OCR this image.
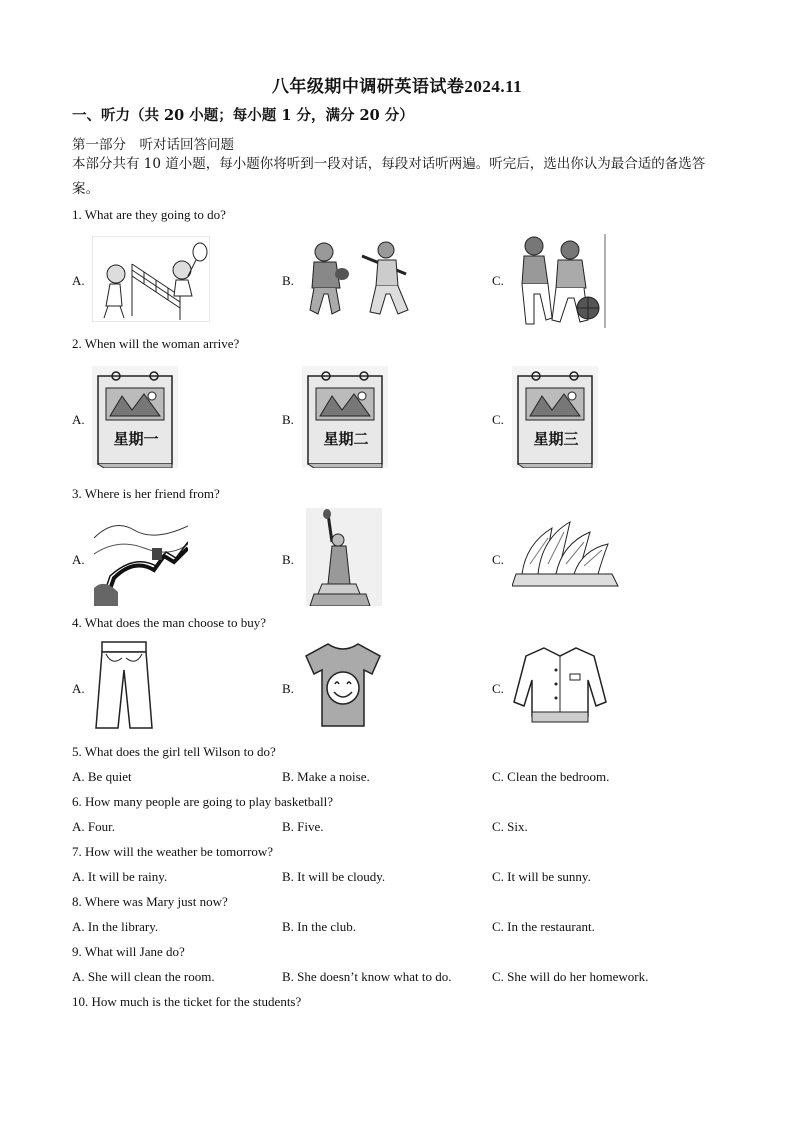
八年级期中调研英语试卷2024.11
一、听力（共 20 小题；每小题 1 分，满分 20 分）
第一部分　听对话回答问题
本部分共有 10 道小题，每小题你将听到一段对话，每段对话听两遍。听完后，选出你认为最合适的备选答案。
1. What are they going to do?
A.	B.	C.
2. When will the woman arrive?
A.	B.	C.
星期一	星期二	星期三
3. Where is her friend from?
A.	B.	C.
4. What does the man choose to buy?
A.	B.	C.
5. What does the girl tell Wilson to do?
A. Be quiet	B. Make a noise.	C. Clean the bedroom.
6. How many people are going to play basketball?
A. Four.	B. Five.	C. Six.
7. How will the weather be tomorrow?
A. It will be rainy.	B. It will be cloudy.	C. It will be sunny.
8. Where was Mary just now?
A. In the library.	B. In the club.	C. In the restaurant.
9. What will Jane do?
A. She will clean the room.	B. She doesn’t know what to do.	C. She will do her homework.
10. How much is the ticket for the students?
